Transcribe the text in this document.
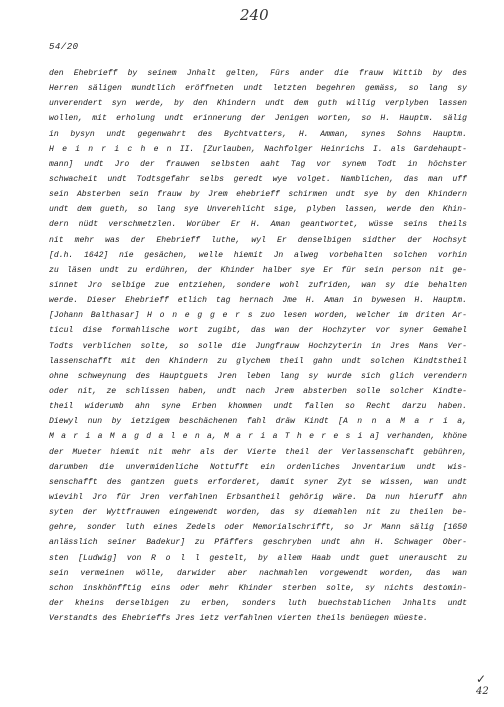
240
54/20
den Ehebrieff by seinem Jnhalt gelten, Fürs ander die frauw Wittib by des
Herren säligen mundtlich eröffneten undt letzten begehren gemäss, so lang sy
unverendert syn werde, by den Khindern undt dem guth willig verplyben lassen
wollen, mit erholung undt erinnerung der Jenigen worten, so H. Hauptm. sälig
in bysyn undt gegenwahrt des Bychtvatters, H. Amman, synes Sohns Hauptm.
H e i n r i c h e n II. [Zurlauben, Nachfolger Heinrichs I. als Gardehaupt-
mann] undt Jro der frauwen selbsten aaht Tag vor synem Todt in höchster
schwacheit undt Todtsgefahr selbs geredt wye volget. Namblichen, das man uff
sein Absterben sein frauw by Jrem ehebrieff schirmen undt sye by den Khindern
undt dem gueth, so lang sye Unverehlicht sige, plyben lassen, werde den Khin-
dern nüdt verschmetzlen. Worüber Er H. Aman geantwortet, wüsse seins theils
nit mehr was der Ehebrieff luthe, wyl Er denselbigen sidther der Hochsyt
[d.h. 1642] nie gesächen, welle hiemit Jn alweg vorbehalten solchen vorhin
zu läsen undt zu erdühren, der Khinder halber sye Er für sein person nit ge-
sinnet Jro selbige zue entziehen, sondere wohl zufriden, wan sy die behalten
werde. Dieser Ehebrieff etlich tag hernach Jme H. Aman in bywesen H. Hauptm.
[Johann Balthasar] H o n e g g e r s zuo lesen worden, welcher im driten Ar-
ticul dise formahlische wort zugibt, das wan der Hochzyter vor syner Gemahel
Todts verblichen solte, so solle die Jungfrauw Hochzyterin in Jres Mans Ver-
lassenschafft mit den Khindern zu glychem theil gahn undt solchen Kindtstheil
ohne schweynung des Hauptguets Jren leben lang sy wurde sich glich verendern
oder nit, ze schlissen haben, undt nach Jrem absterben solle solcher Kindte-
theil widerumb ahn syne Erben khommen undt fallen so Recht darzu haben.
Diewyl nun by ietzigem beschächenen fahl dräw Kindt [A n n a M a r i a,
M a r i a M a g d a l e n a, M a r i a T h e r e s i a] verhanden, khöne
der Mueter hiemit nit mehr als der Vierte theil der Verlassenschaft gebühren,
darumben die unvermidenliche Nottufft ein ordenliches Jnventarium undt wis-
senschafft des gantzen guets erforderet, damit syner Zyt se wissen, wan undt
wievihl Jro für Jren verfahlnen Erbsantheil gehörig wäre. Da nun hieruff ahn
syten der Wyttfrauwen eingewendt worden, das sy diemahlen nit zu theilen be-
gehre, sonder luth eines Zedels oder Memorialschrifft, so Jr Mann sälig [1650
anlässlich seiner Badekur] zu Pfäffers geschryben undt ahn H. Schwager Ober-
sten [Ludwig] von R o l l gestelt, by allem Haab undt guet unerauscht zu
sein vermeinen wölle, darwider aber nachmahlen vorgewendt worden, das wan
schon inskhönfftig eins oder mehr Khinder sterben solte, sy nichts destomin-
der kheins derselbigen zu erben, sonders luth buechstablichen Jnhalts undt
Verstandts des Ehebrieffs Jres ietz verfahlnen vierten theils benüegen müeste.
✓
42
